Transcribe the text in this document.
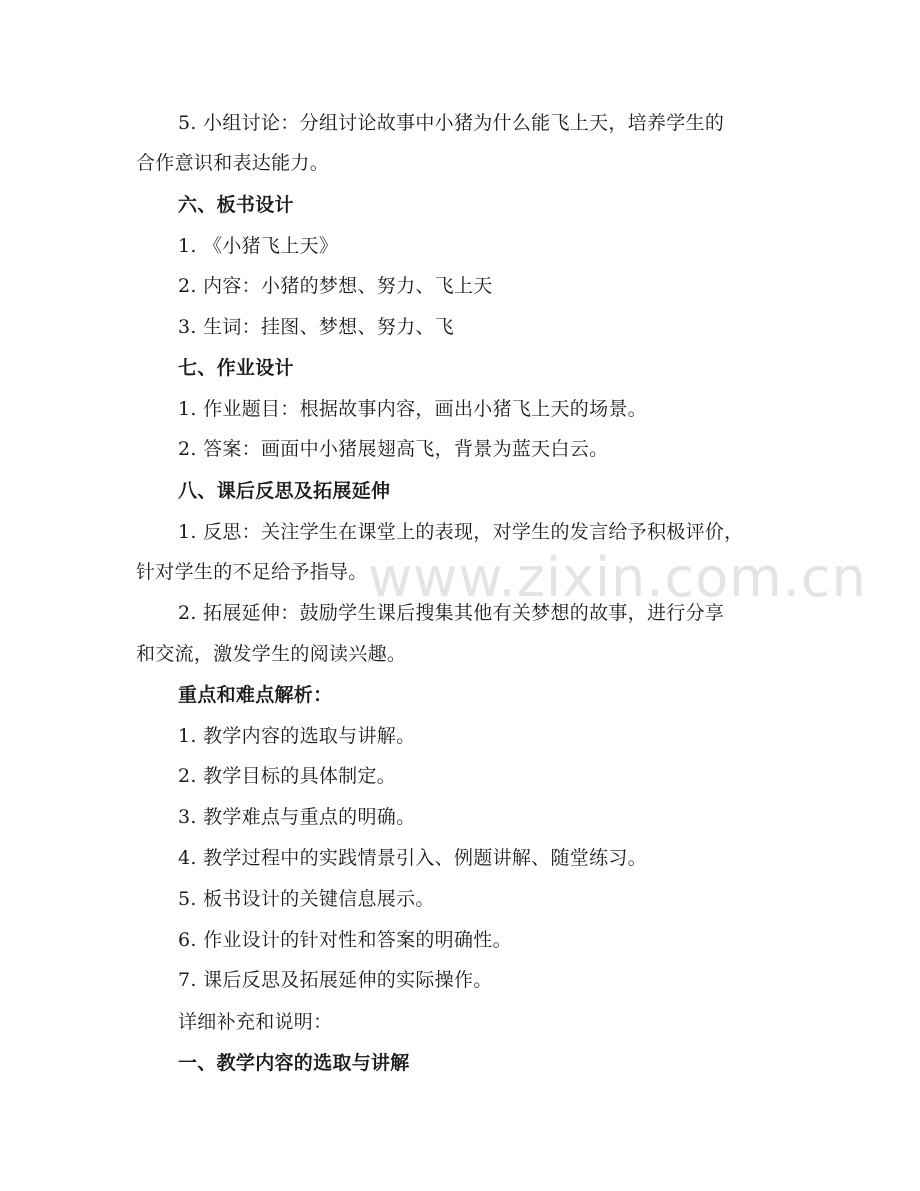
5. 小组讨论：分组讨论故事中小猪为什么能飞上天，培养学生的
合作意识和表达能力。
六、板书设计
1. 《小猪飞上天》
2. 内容：小猪的梦想、努力、飞上天
3. 生词：挂图、梦想、努力、飞
七、作业设计
1. 作业题目：根据故事内容，画出小猪飞上天的场景。
2. 答案：画面中小猪展翅高飞，背景为蓝天白云。
八、课后反思及拓展延伸
1. 反思：关注学生在课堂上的表现，对学生的发言给予积极评价，
针对学生的不足给予指导。
2. 拓展延伸：鼓励学生课后搜集其他有关梦想的故事，进行分享
和交流，激发学生的阅读兴趣。
重点和难点解析：
1. 教学内容的选取与讲解。
2. 教学目标的具体制定。
3. 教学难点与重点的明确。
4. 教学过程中的实践情景引入、例题讲解、随堂练习。
5. 板书设计的关键信息展示。
6. 作业设计的针对性和答案的明确性。
7. 课后反思及拓展延伸的实际操作。
详细补充和说明：
一、教学内容的选取与讲解
www.zixin.com.cn
